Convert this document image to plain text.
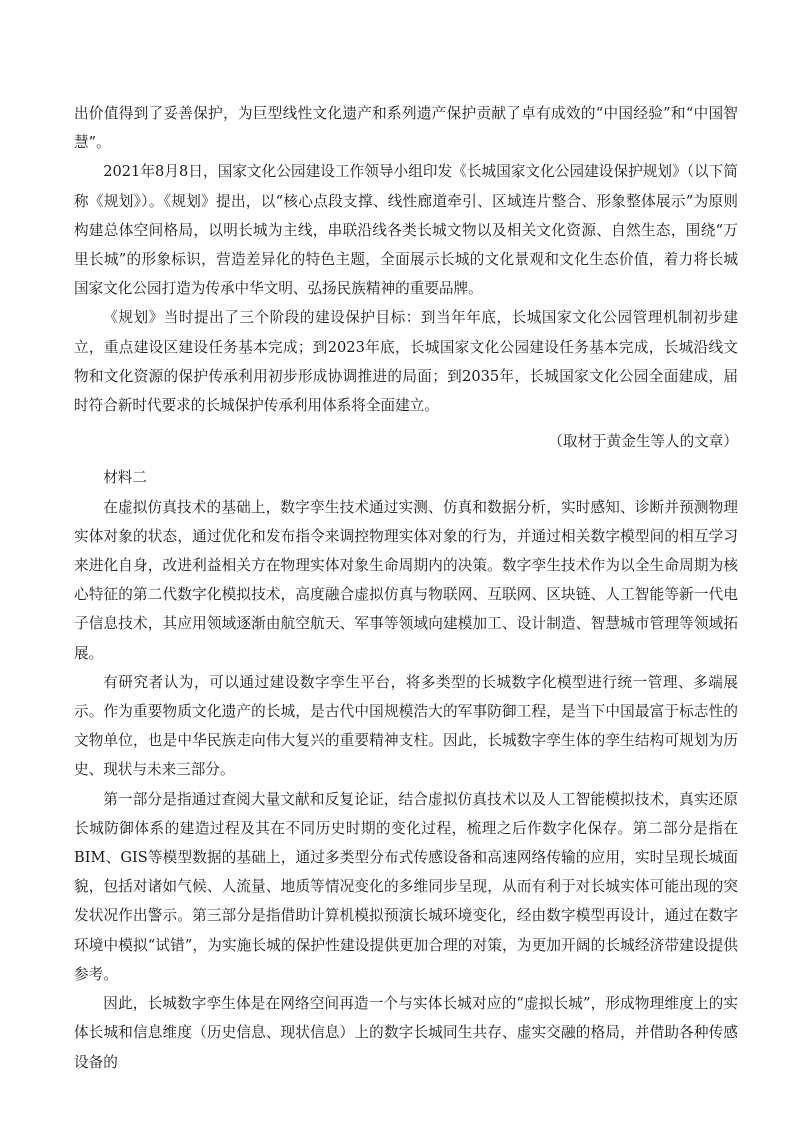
出价值得到了妥善保护，为巨型线性文化遗产和系列遗产保护贡献了卓有成效的“中国经验”和“中国智慧”。

2021年8月8日，国家文化公园建设工作领导小组印发《长城国家文化公园建设保护规划》（以下简称《规划》）。《规划》提出，以“核心点段支撑、线性廊道牵引、区域连片整合、形象整体展示”为原则构建总体空间格局，以明长城为主线，串联沿线各类长城文物以及相关文化资源、自然生态，围绕“万里长城”的形象标识，营造差异化的特色主题，全面展示长城的文化景观和文化生态价值，着力将长城国家文化公园打造为传承中华文明、弘扬民族精神的重要品牌。

《规划》当时提出了三个阶段的建设保护目标：到当年年底，长城国家文化公园管理机制初步建立，重点建设区建设任务基本完成；到2023年底，长城国家文化公园建设任务基本完成，长城沿线文物和文化资源的保护传承利用初步形成协调推进的局面；到2035年，长城国家文化公园全面建成，届时符合新时代要求的长城保护传承利用体系将全面建立。

（取材于黄金生等人的文章）

材料二

在虚拟仿真技术的基础上，数字孪生技术通过实测、仿真和数据分析，实时感知、诊断并预测物理实体对象的状态，通过优化和发布指令来调控物理实体对象的行为，并通过相关数字模型间的相互学习来进化自身，改进利益相关方在物理实体对象生命周期内的决策。数字孪生技术作为以全生命周期为核心特征的第二代数字化模拟技术，高度融合虚拟仿真与物联网、互联网、区块链、人工智能等新一代电子信息技术，其应用领域逐渐由航空航天、军事等领域向建模加工、设计制造、智慧城市管理等领域拓展。

有研究者认为，可以通过建设数字孪生平台，将多类型的长城数字化模型进行统一管理、多端展示。作为重要物质文化遗产的长城，是古代中国规模浩大的军事防御工程，是当下中国最富于标志性的文物单位，也是中华民族走向伟大复兴的重要精神支柱。因此，长城数字孪生体的孪生结构可规划为历史、现状与未来三部分。

第一部分是指通过查阅大量文献和反复论证，结合虚拟仿真技术以及人工智能模拟技术，真实还原长城防御体系的建造过程及其在不同历史时期的变化过程，梳理之后作数字化保存。第二部分是指在BIM、GIS等模型数据的基础上，通过多类型分布式传感设备和高速网络传输的应用，实时呈现长城面貌，包括对诸如气候、人流量、地质等情况变化的多维同步呈现，从而有利于对长城实体可能出现的突发状况作出警示。第三部分是指借助计算机模拟预演长城环境变化，经由数字模型再设计，通过在数字环境中模拟“试错”，为实施长城的保护性建设提供更加合理的对策，为更加开阔的长城经济带建设提供参考。

因此，长城数字孪生体是在网络空间再造一个与实体长城对应的“虚拟长城”，形成物理维度上的实体长城和信息维度（历史信息、现状信息）上的数字长城同生共存、虚实交融的格局，并借助各种传感设备的
